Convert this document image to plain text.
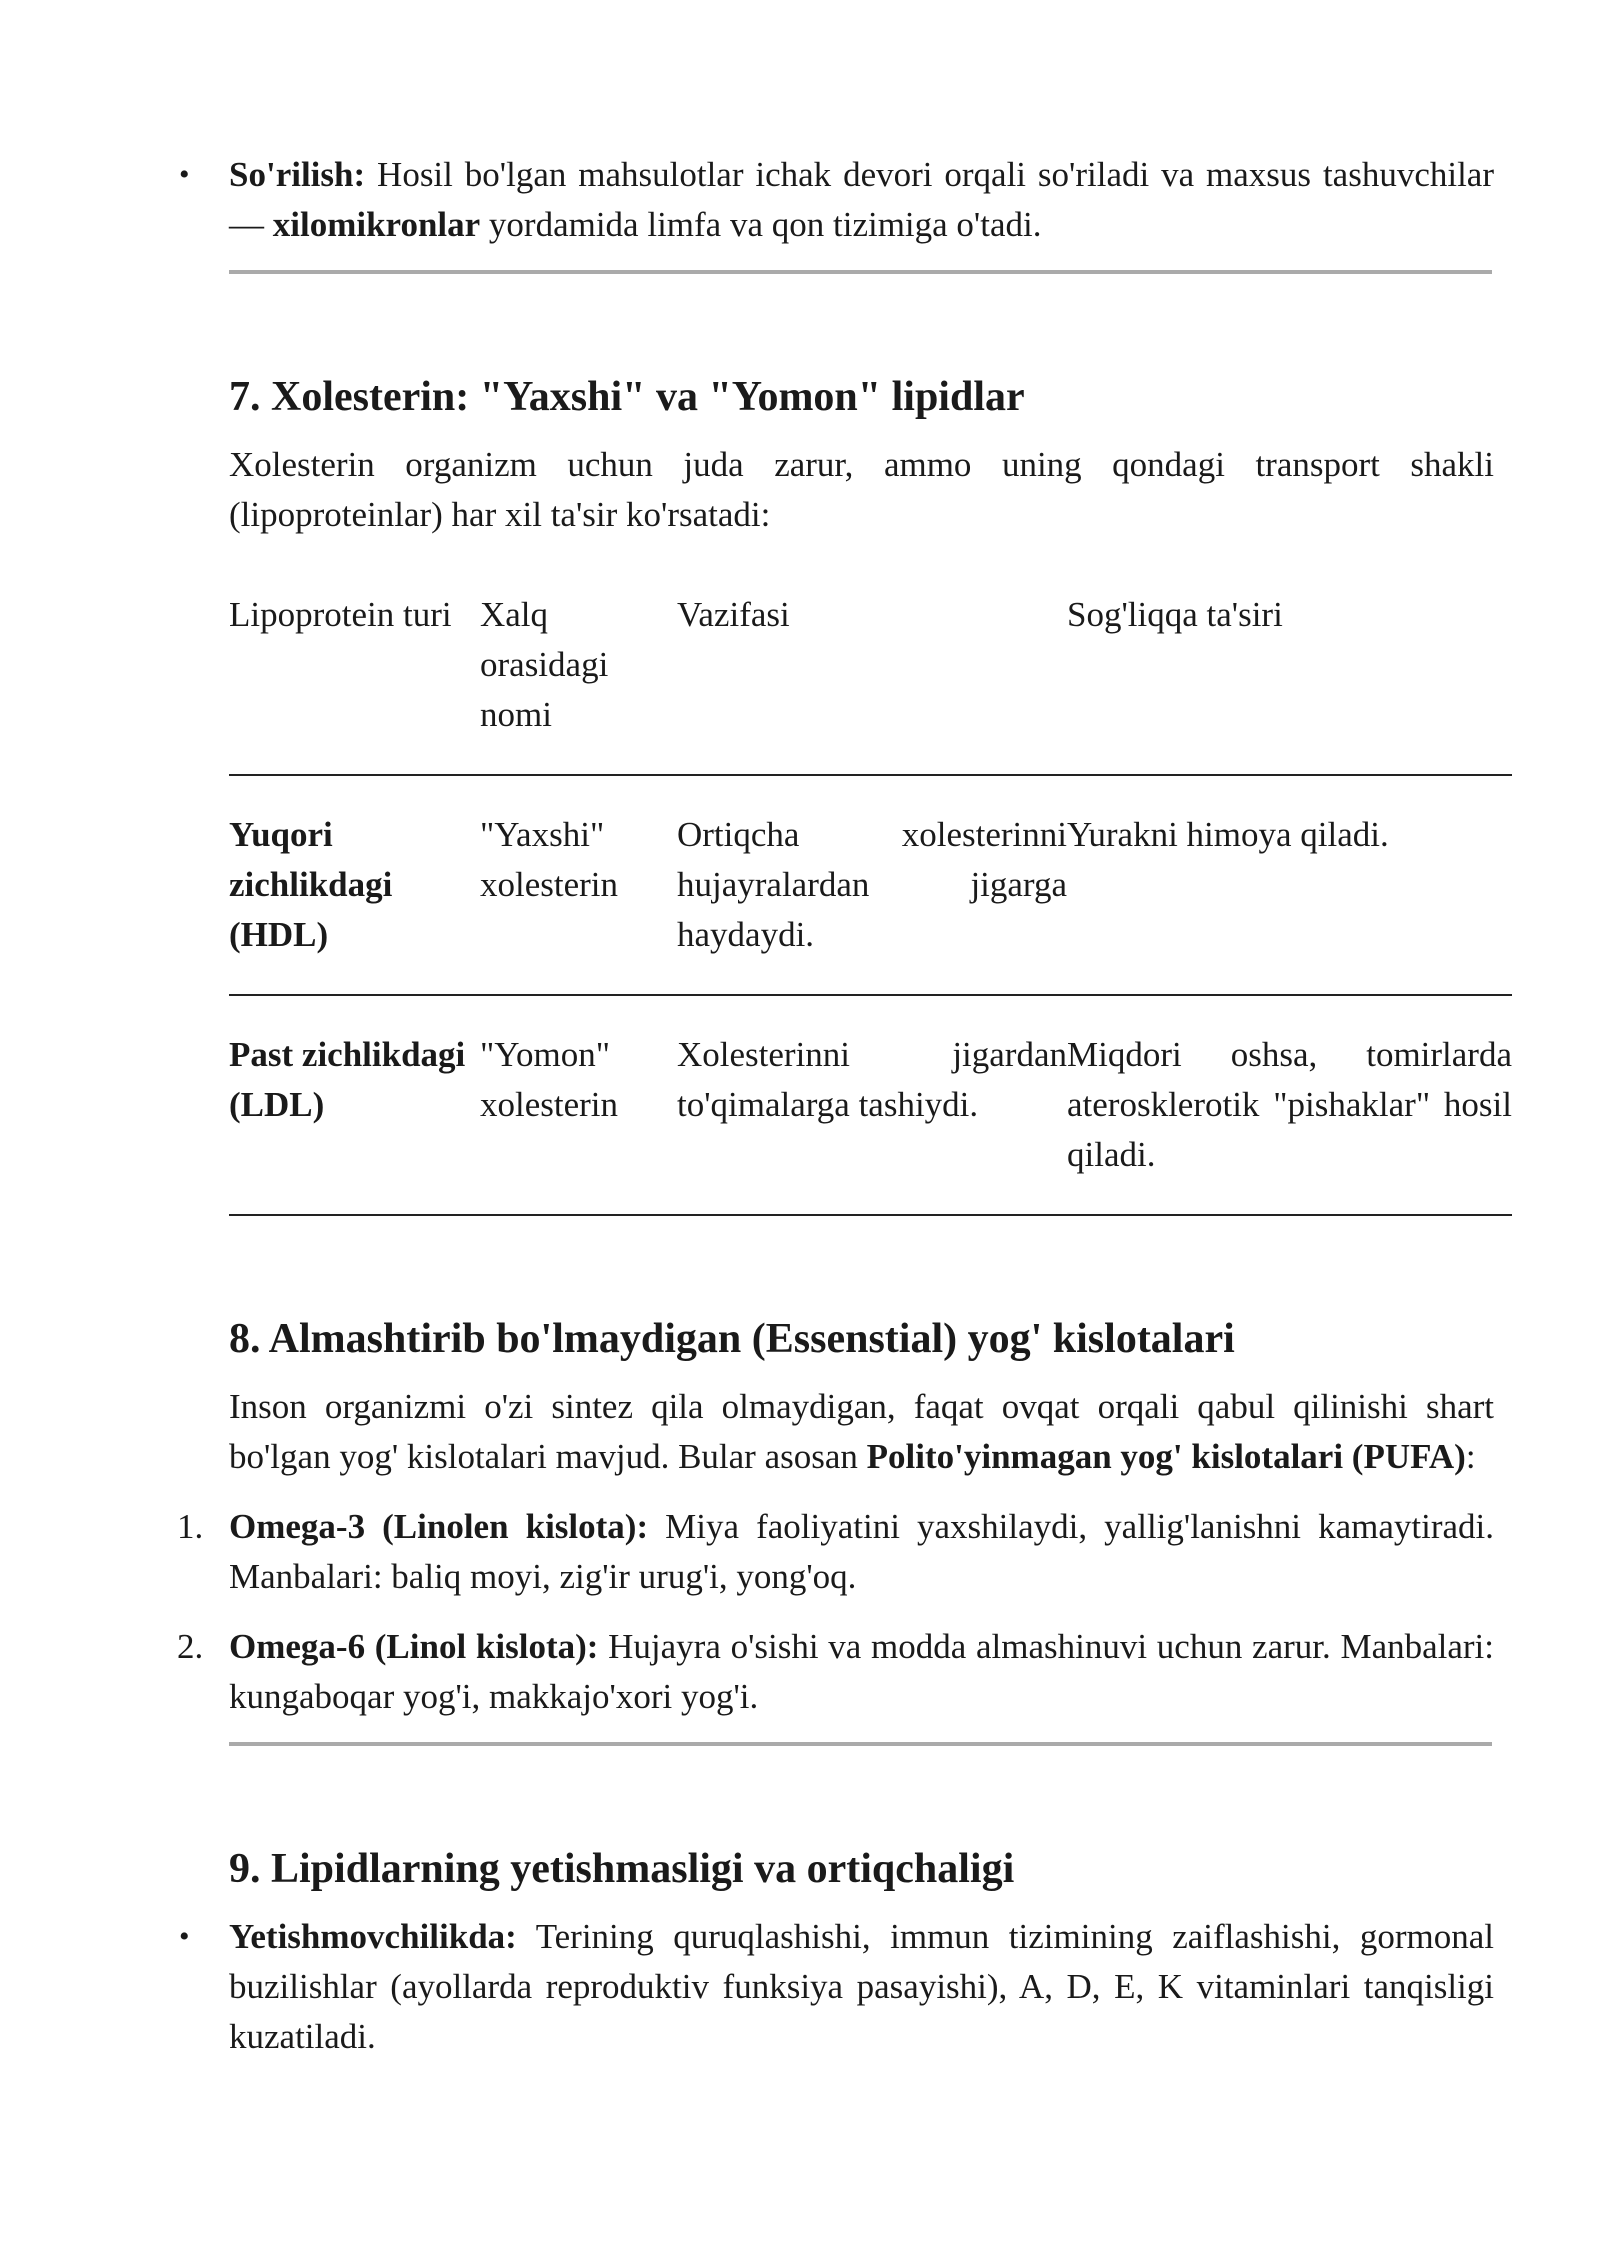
• So'rilish: Hosil bo'lgan mahsulotlar ichak devori orqali so'riladi va maxsus tashuvchilar — xilomikronlar yordamida limfa va qon tizimiga o'tadi.
7. Xolesterin: "Yaxshi" va "Yomon" lipidlar

Xolesterin organizm uchun juda zarur, ammo uning qondagi transport shakli (lipoproteinlar) har xil ta'sir ko'rsatadi:

Lipoprotein turi	Xalq orasidagi nomi	Vazifasi	Sog'liqqa ta'siri
Yuqori zichlikdagi (HDL)	"Yaxshi" xolesterin	Ortiqcha xolesterinni hujayralardan jigarga haydaydi.	Yurakni himoya qiladi.
Past zichlikdagi (LDL)	"Yomon" xolesterin	Xolesterinni jigardan to'qimalarga tashiydi.	Miqdori oshsa, tomirlarda aterosklerotik "pishaklar" hosil qiladi.
8. Almashtirib bo'lmaydigan (Essenstial) yog' kislotalari

Inson organizmi o'zi sintez qila olmaydigan, faqat ovqat orqali qabul qilinishi shart bo'lgan yog' kislotalari mavjud. Bular asosan Polito'yinmagan yog' kislotalari (PUFA):

1. Omega-3 (Linolen kislota): Miya faoliyatini yaxshilaydi, yallig'lanishni kamaytiradi. Manbalari: baliq moyi, zig'ir urug'i, yong'oq.
2. Omega-6 (Linol kislota): Hujayra o'sishi va modda almashinuvi uchun zarur. Manbalari: kungaboqar yog'i, makkajo'xori yog'i.
9. Lipidlarning yetishmasligi va ortiqchaligi
• Yetishmovchilikda: Terining quruqlashishi, immun tizimining zaiflashishi, gormonal buzilishlar (ayollarda reproduktiv funksiya pasayishi), A, D, E, K vitaminlari tanqisligi kuzatiladi.
